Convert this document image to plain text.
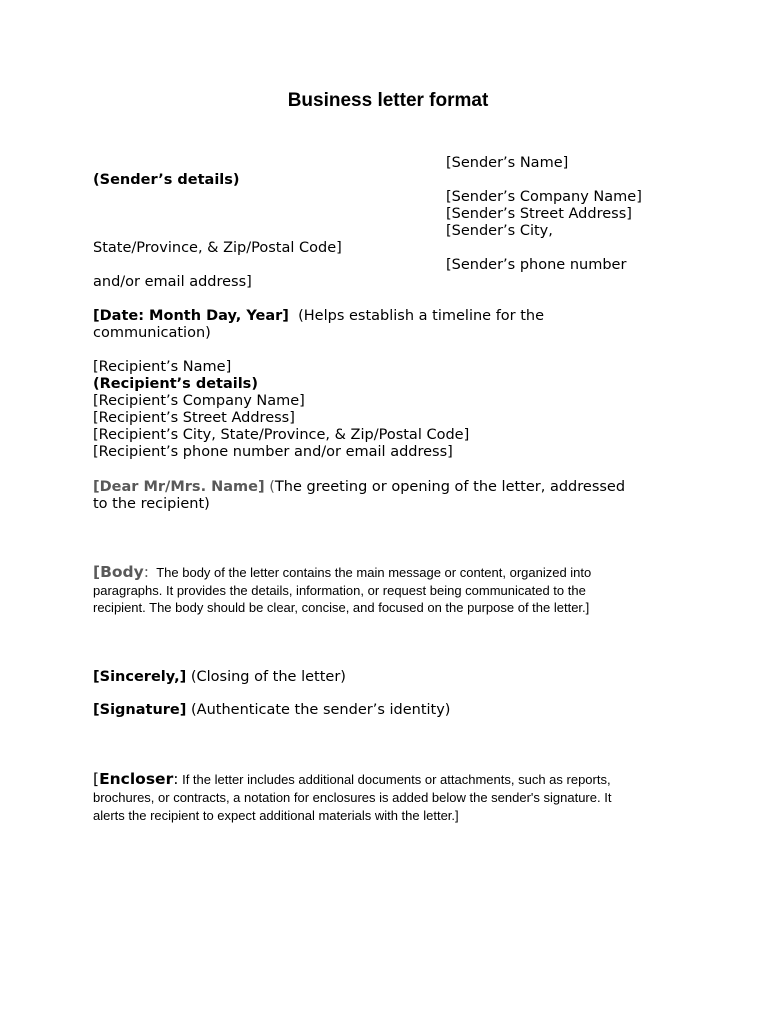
Business letter format
[Sender’s Name]
(Sender’s details)
[Sender’s Company Name]
[Sender’s Street Address]
[Sender’s City,
State/Province, & Zip/Postal Code]
[Sender’s phone number
and/or email address]
[Date: Month Day, Year] (Helps establish a timeline for the
communication)
[Recipient’s Name]
(Recipient’s details)
[Recipient’s Company Name]
[Recipient’s Street Address]
[Recipient’s City, State/Province, & Zip/Postal Code]
[Recipient’s phone number and/or email address]
[Dear Mr/Mrs. Name] (The greeting or opening of the letter, addressed
to the recipient)
[Body: The body of the letter contains the main message or content, organized into
paragraphs. It provides the details, information, or request being communicated to the
recipient. The body should be clear, concise, and focused on the purpose of the letter.]
[Sincerely,] (Closing of the letter)
[Signature] (Authenticate the sender’s identity)
[Encloser: If the letter includes additional documents or attachments, such as reports,
brochures, or contracts, a notation for enclosures is added below the sender's signature. It
alerts the recipient to expect additional materials with the letter.]
